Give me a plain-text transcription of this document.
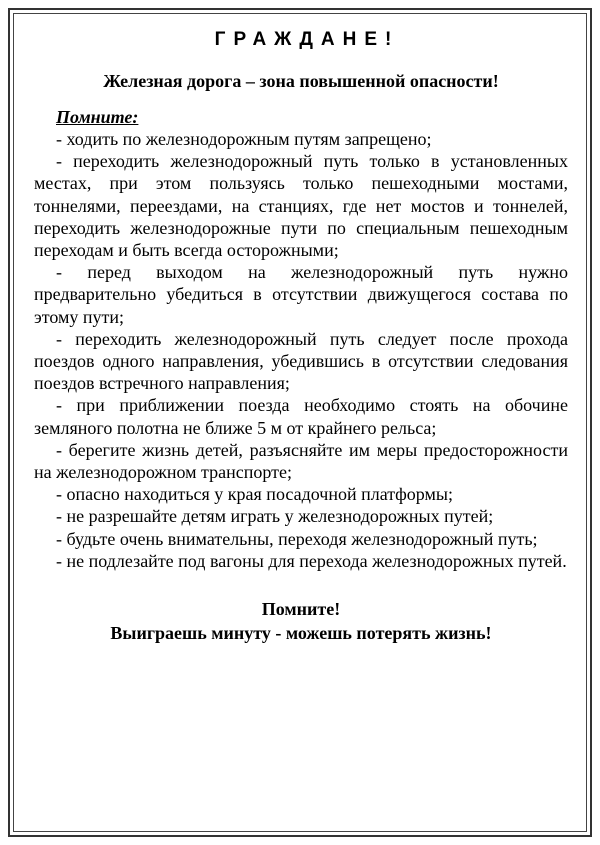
ГРАЖДАНЕ!
Железная дорога – зона повышенной опасности!
Помните:
- ходить по железнодорожным путям запрещено;
- переходить железнодорожный путь только в установленных местах, при этом пользуясь только пешеходными мостами, тоннелями, переездами, на станциях, где нет мостов и тоннелей, переходить железнодорожные пути по специальным пешеходным переходам и быть всегда осторожными;
- перед выходом на железнодорожный путь нужно предварительно убедиться в отсутствии движущегося состава по этому пути;
- переходить железнодорожный путь следует после прохода поездов одного направления, убедившись в отсутствии следования поездов встречного направления;
- при приближении поезда необходимо стоять на обочине земляного полотна не ближе 5 м от крайнего рельса;
- берегите жизнь детей, разъясняйте им меры предосторожности на железнодорожном транспорте;
- опасно находиться у края посадочной платформы;
- не разрешайте детям играть у железнодорожных путей;
- будьте очень внимательны, переходя железнодорожный путь;
- не подлезайте под вагоны для перехода железнодорожных путей.
Помните!
Выиграешь минуту - можешь потерять жизнь!
